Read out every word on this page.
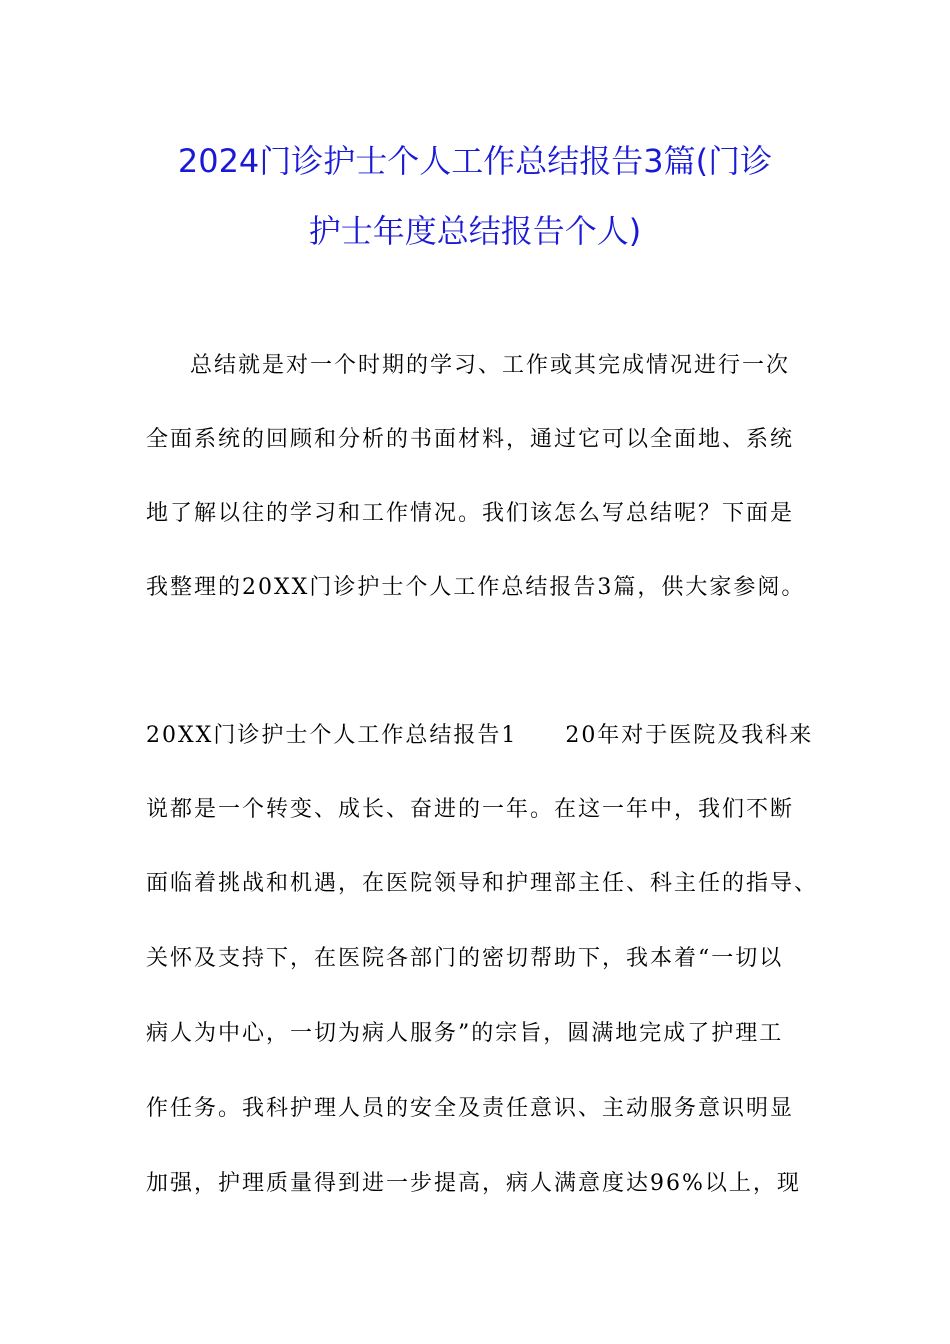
2024门诊护士个人工作总结报告3篇(门诊
护士年度总结报告个人)
总结就是对一个时期的学习、工作或其完成情况进行一次
全面系统的回顾和分析的书面材料，通过它可以全面地、系统
地了解以往的学习和工作情况。我们该怎么写总结呢？下面是
我整理的20XX门诊护士个人工作总结报告3篇，供大家参阅。
20XX门诊护士个人工作总结报告1　　20年对于医院及我科来
说都是一个转变、成长、奋进的一年。在这一年中，我们不断
面临着挑战和机遇，在医院领导和护理部主任、科主任的指导、
关怀及支持下，在医院各部门的密切帮助下，我本着“一切以
病人为中心，一切为病人服务”的宗旨，圆满地完成了护理工
作任务。我科护理人员的安全及责任意识、主动服务意识明显
加强，护理质量得到进一步提高，病人满意度达96%以上，现
